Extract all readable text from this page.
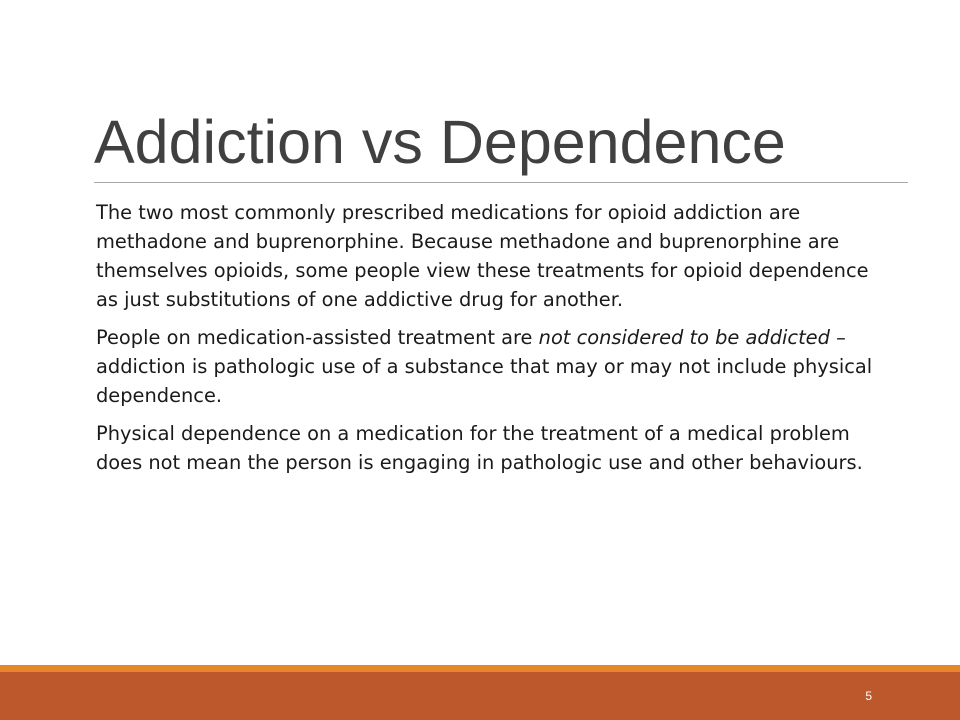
Addiction vs Dependence

The two most commonly prescribed medications for opioid addiction are methadone and buprenorphine. Because methadone and buprenorphine are themselves opioids, some people view these treatments for opioid dependence as just substitutions of one addictive drug for another.

People on medication-assisted treatment are not considered to be addicted – addiction is pathologic use of a substance that may or may not include physical dependence.

Physical dependence on a medication for the treatment of a medical problem does not mean the person is engaging in pathologic use and other behaviours.

5
